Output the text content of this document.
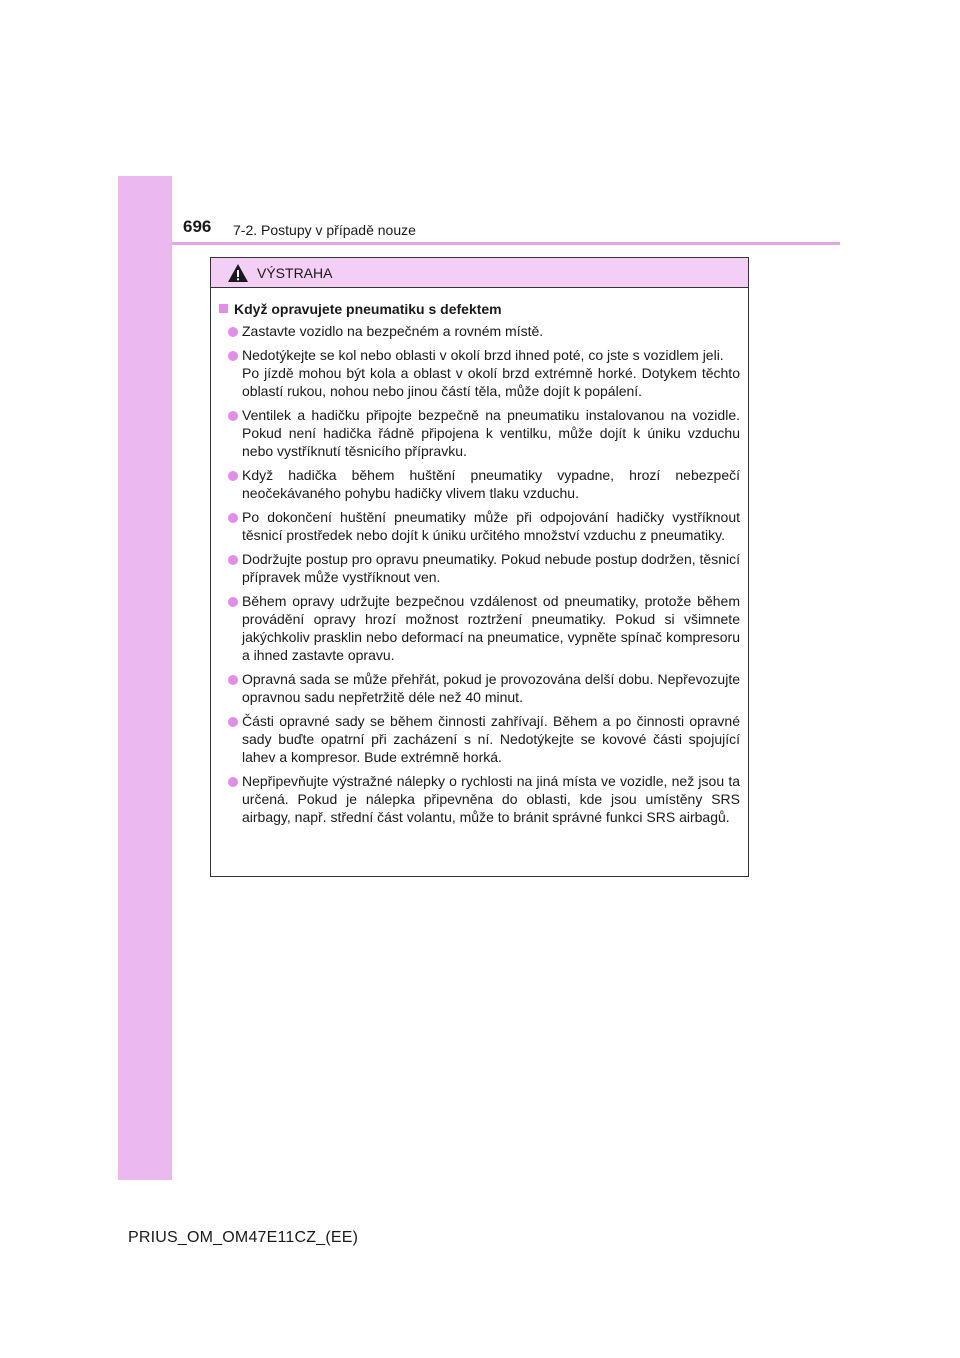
696 7-2. Postupy v případě nouze
VÝSTRAHA
Když opravujete pneumatiku s defektem
Zastavte vozidlo na bezpečném a rovném místě.
Nedotýkejte se kol nebo oblasti v okolí brzd ihned poté, co jste s vozidlem jeli.
Po jízdě mohou být kola a oblast v okolí brzd extrémně horké. Dotykem těchto oblastí rukou, nohou nebo jinou částí těla, může dojít k popálení.
Ventilek a hadičku připojte bezpečně na pneumatiku instalovanou na vozidle. Pokud není hadička řádně připojena k ventilku, může dojít k úniku vzduchu nebo vystříknutí těsnicího přípravku.
Když hadička během huštění pneumatiky vypadne, hrozí nebezpečí neočekávaného pohybu hadičky vlivem tlaku vzduchu.
Po dokončení huštění pneumatiky může při odpojování hadičky vystříknout těsnicí prostředek nebo dojít k úniku určitého množství vzduchu z pneumatiky.
Dodržujte postup pro opravu pneumatiky. Pokud nebude postup dodržen, těsnicí přípravek může vystříknout ven.
Během opravy udržujte bezpečnou vzdálenost od pneumatiky, protože během provádění opravy hrozí možnost roztržení pneumatiky. Pokud si všimnete jakýchkoliv prasklin nebo deformací na pneumatice, vypněte spínač kompresoru a ihned zastavte opravu.
Opravná sada se může přehřát, pokud je provozována delší dobu. Nepřevozujte opravnou sadu nepřetržitě déle než 40 minut.
Části opravné sady se během činnosti zahřívají. Během a po činnosti opravné sady buďte opatrní při zacházení s ní. Nedotýkejte se kovové části spojující lahev a kompresor. Bude extrémně horká.
Nepřipevňujte výstražné nálepky o rychlosti na jiná místa ve vozidle, než jsou ta určená. Pokud je nálepka připevněna do oblasti, kde jsou umístěny SRS airbagy, např. střední část volantu, může to bránit správné funkci SRS airbagů.
PRIUS_OM_OM47E11CZ_(EE)
